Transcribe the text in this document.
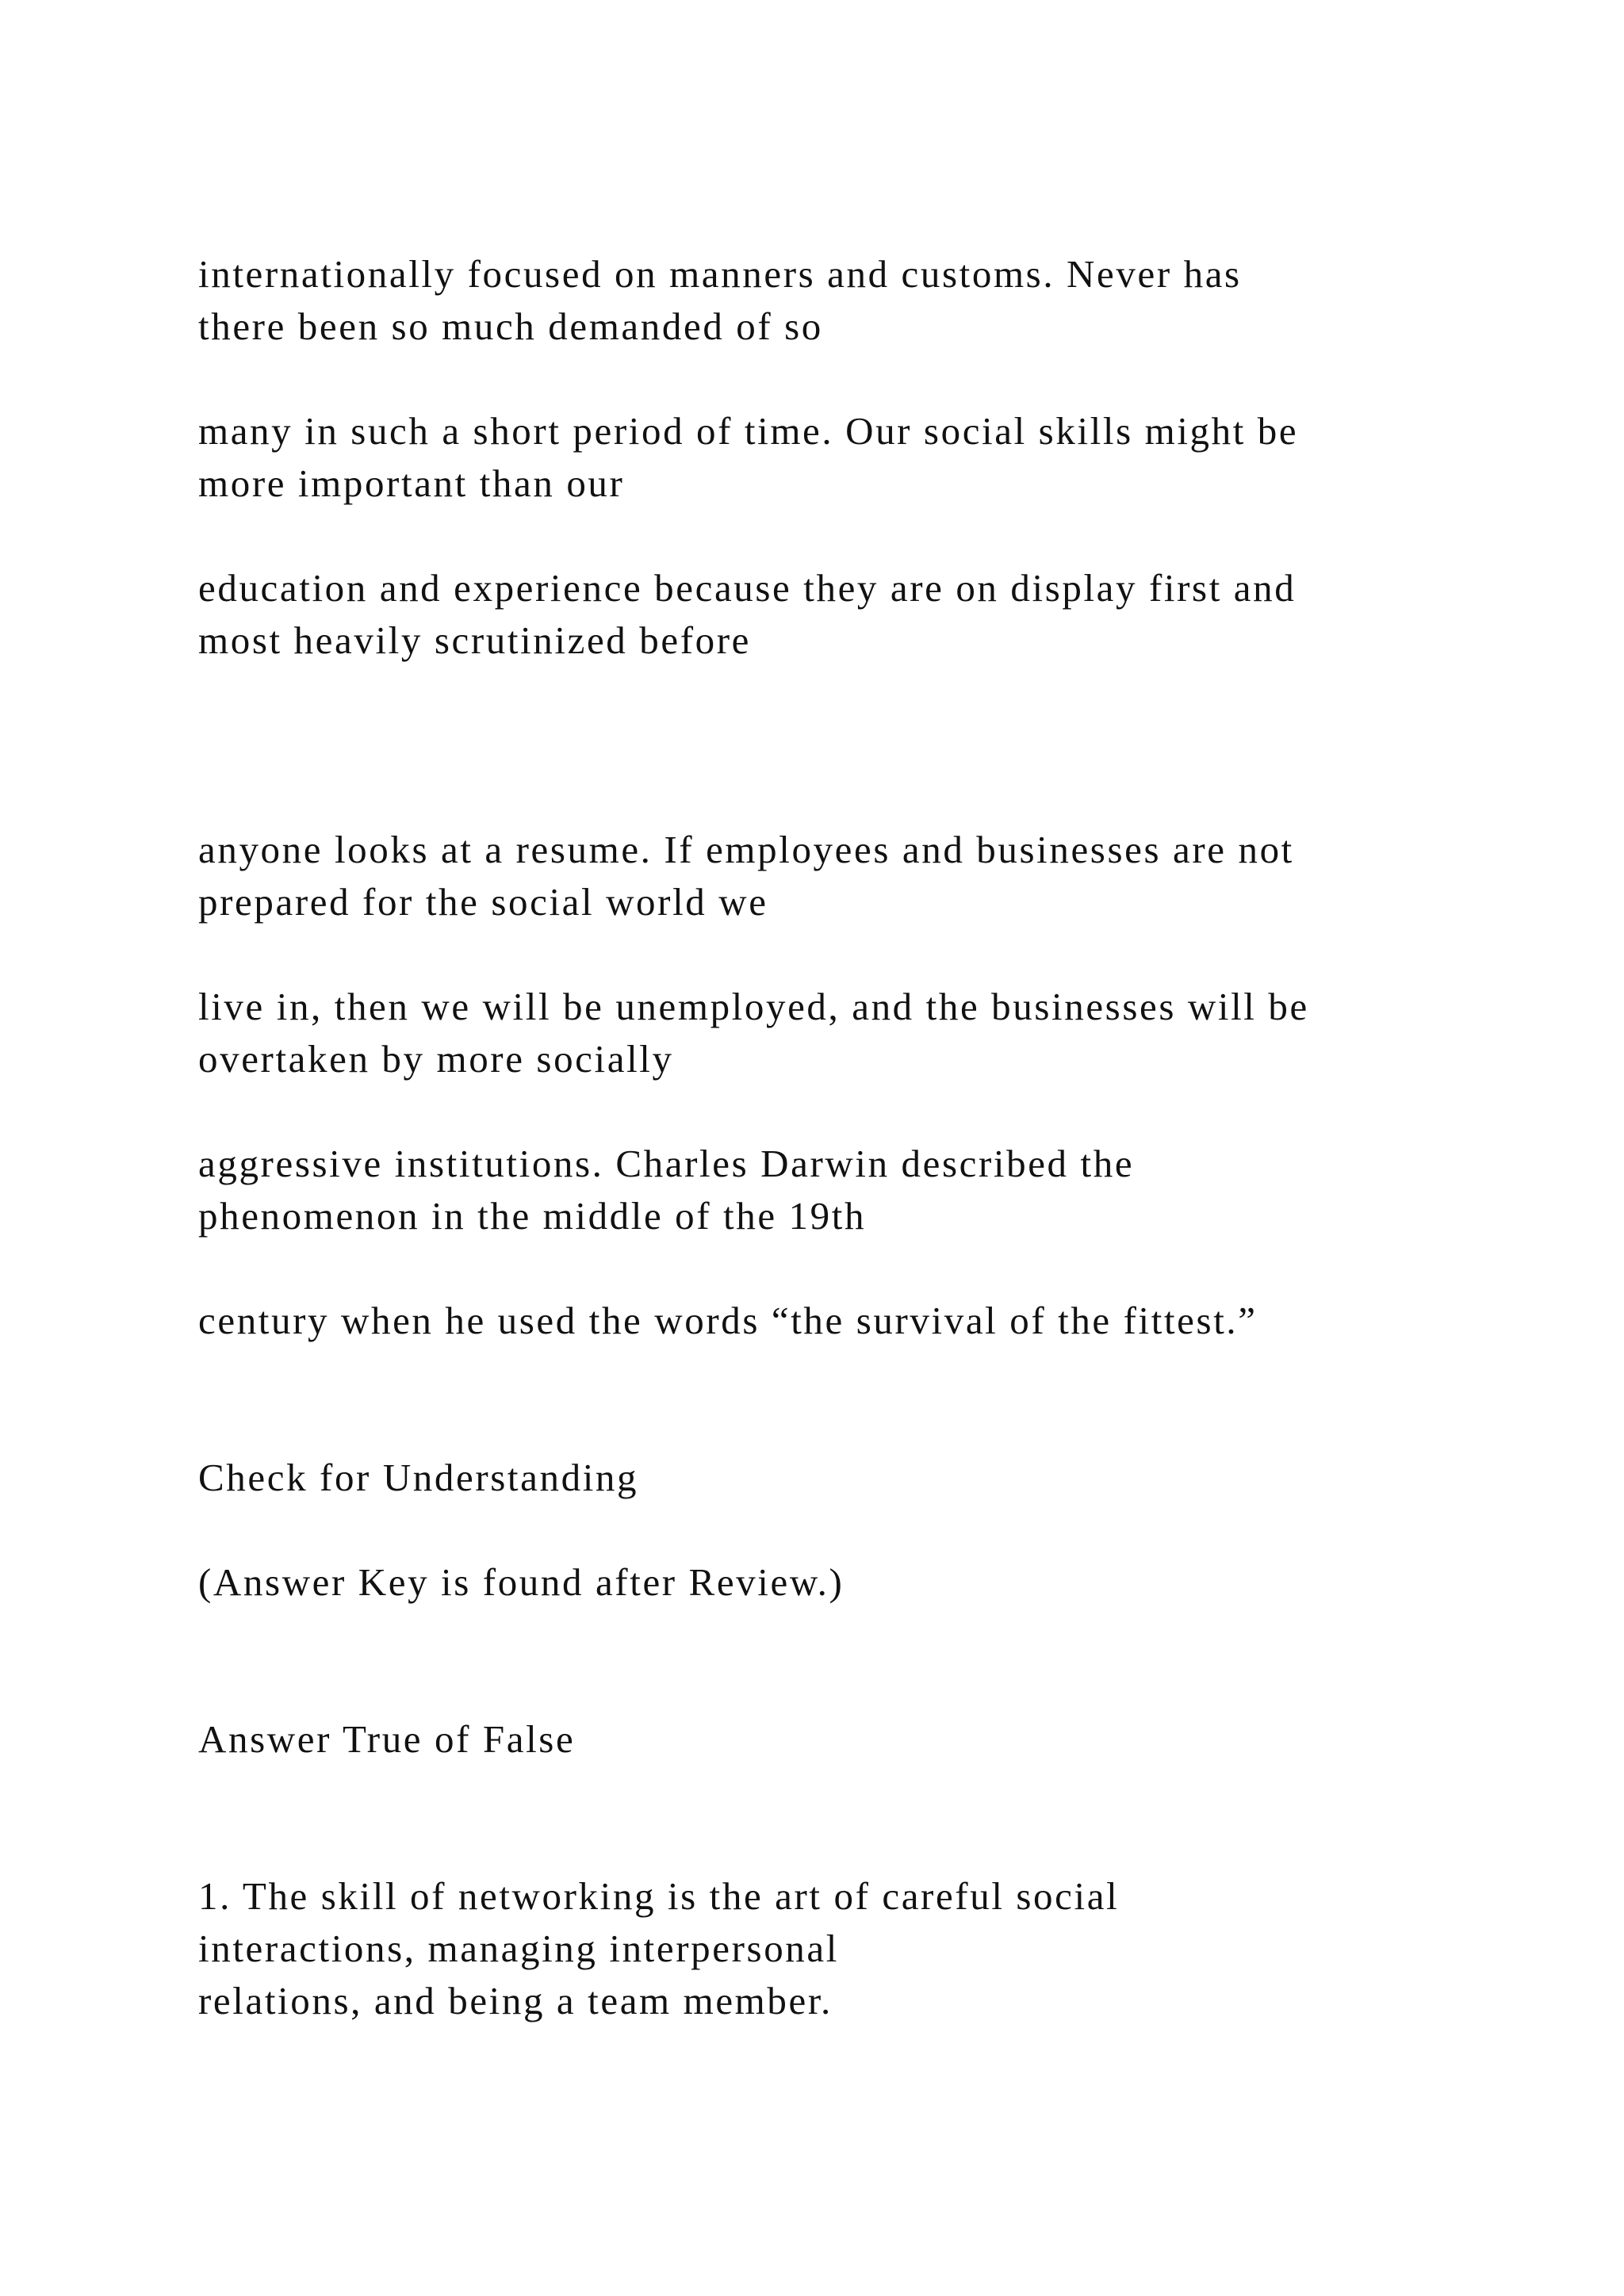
internationally focused on manners and customs. Never has

there been so much demanded of so

many in such a short period of time. Our social skills might be

more important than our

education and experience because they are on display first and

most heavily scrutinized before

anyone looks at a resume. If employees and businesses are not

prepared for the social world we

live in, then we will be unemployed, and the businesses will be

overtaken by more socially

aggressive institutions. Charles Darwin described the

phenomenon in the middle of the 19th

century when he used the words “the survival of the fittest.”

Check for Understanding

(Answer Key is found after Review.)

Answer True of False

1. The skill of networking is the art of careful social

interactions, managing interpersonal

relations, and being a team member.
